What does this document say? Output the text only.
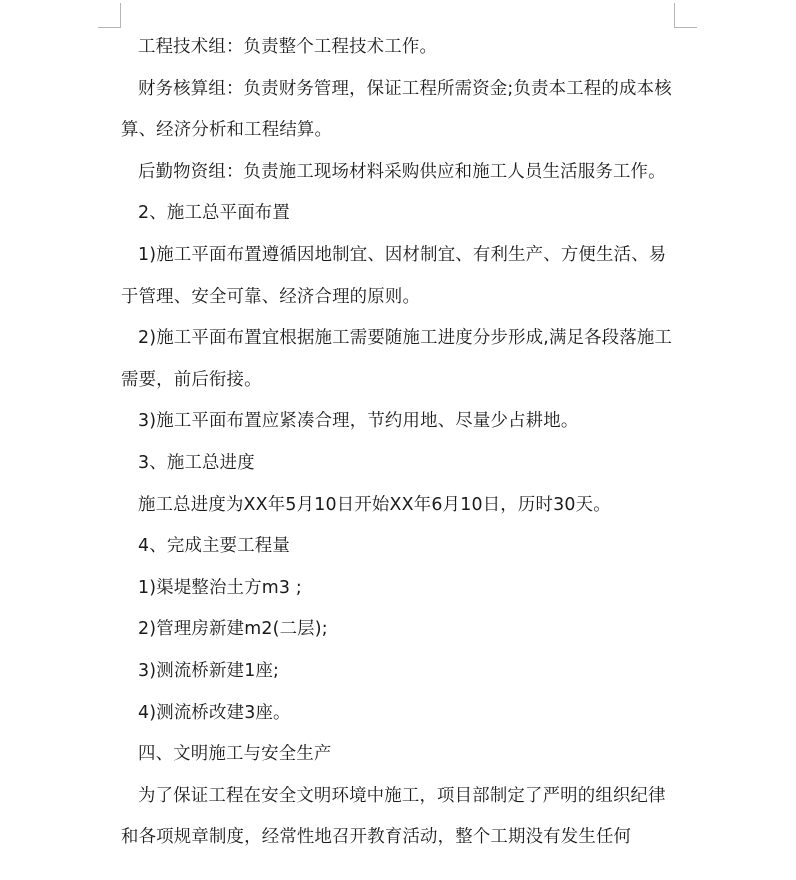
工程技术组：负责整个工程技术工作。

财务核算组：负责财务管理，保证工程所需资金;负责本工程的成本核算、经济分析和工程结算。

后勤物资组：负责施工现场材料采购供应和施工人员生活服务工作。

2、施工总平面布置

1)施工平面布置遵循因地制宜、因材制宜、有利生产、方便生活、易于管理、安全可靠、经济合理的原则。

2)施工平面布置宜根据施工需要随施工进度分步形成,满足各段落施工需要，前后衔接。

3)施工平面布置应紧凑合理，节约用地、尽量少占耕地。

3、施工总进度

施工总进度为XX年5月10日开始XX年6月10日，历时30天。

4、完成主要工程量

1)渠堤整治土方m3 ;

2)管理房新建m2(二层);

3)测流桥新建1座;

4)测流桥改建3座。

四、文明施工与安全生产

为了保证工程在安全文明环境中施工，项目部制定了严明的组织纪律和各项规章制度，经常性地召开教育活动，整个工期没有发生任何
